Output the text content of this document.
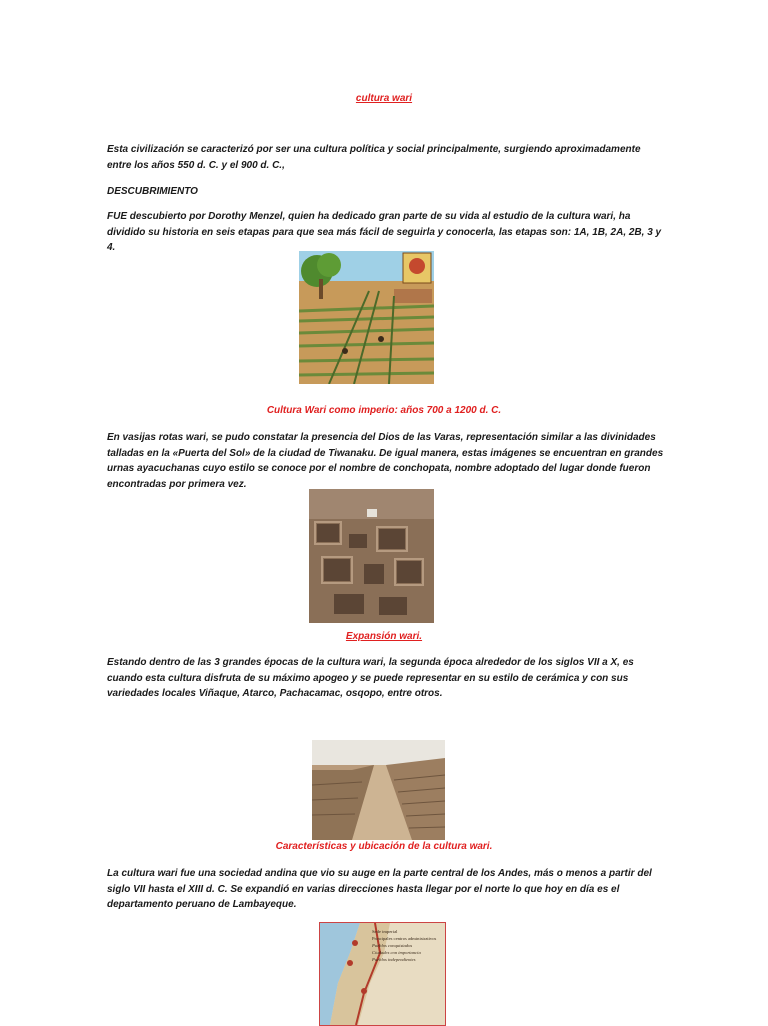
cultura wari

Esta civilización se caracterizó por ser una cultura política y social principalmente, surgiendo aproximadamente entre los años 550 d. C. y el 900 d. C.,

DESCUBRIMIENTO

FUE descubierto por Dorothy Menzel, quien ha dedicado gran parte de su vida al estudio de la cultura wari, ha dividido su historia en seis etapas para que sea más fácil de seguirla y conocerla, las etapas son: 1A, 1B, 2A, 2B, 3 y 4.

Cultura Wari como imperio: años 700 a 1200 d. C.

En vasijas rotas wari, se pudo constatar la presencia del Dios de las Varas, representación similar a las divinidades talladas en la «Puerta del Sol» de la ciudad de Tiwanaku. De igual manera, estas imágenes se encuentran en grandes urnas ayacuchanas cuyo estilo se conoce por el nombre de conchopata, nombre adoptado del lugar donde fueron encontradas por primera vez.

Expansión wari.

Estando dentro de las 3 grandes épocas de la cultura wari, la segunda época alrededor de los siglos VII a X, es cuando esta cultura disfruta de su máximo apogeo y se puede representar en su estilo de cerámica y con sus variedades locales Viñaque, Atarco, Pachacamac, osqopo, entre otros.

Características y ubicación de la cultura wari.

La cultura wari fue una sociedad andina que vio su auge en la parte central de los Andes, más o menos a partir del siglo VII hasta el XIII d. C. Se expandió en varias direcciones hasta llegar por el norte lo que hoy en día es el departamento peruano de Lambayeque.

Sede imperial
Principales centros administrativos
Pueblos conquistados
Ciudades con importancia
Pueblos independientes
